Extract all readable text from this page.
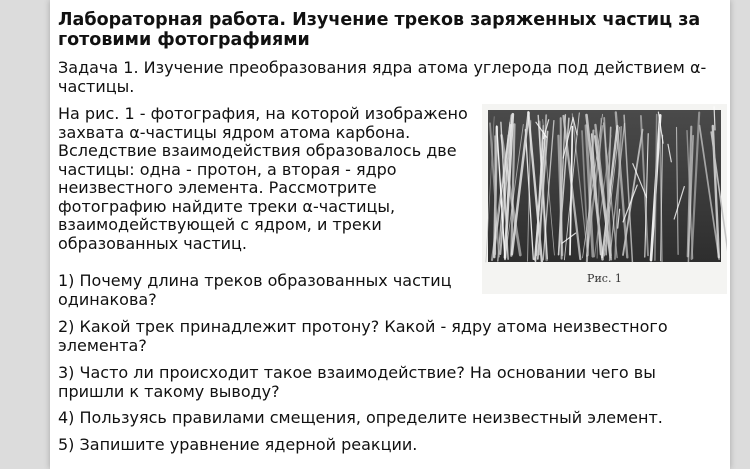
Лабораторная работа. Изучение треков заряженных частиц за готовими фотографиями
Задача 1. Изучение преобразования ядра атома углерода под действием α-частицы.
На рис. 1 - фотография, на которой изображено захвата α-частицы ядром атома карбона. Вследствие взаимодействия образовалось две частицы: одна - протон, а вторая - ядро неизвестного элемента. Рассмотрите фотографию найдите треки α-частицы, взаимодействующей с ядром, и треки образованных частиц.
Рис. 1
1) Почему длина треков образованных частиц одинакова?
2) Какой трек принадлежит протону? Какой - ядру атома неизвестного элемента?
3) Часто ли происходит такое взаимодействие? На основании чего вы пришли к такому выводу?
4) Пользуясь правилами смещения, определите неизвестный элемент.
5) Запишите уравнение ядерной реакции.
